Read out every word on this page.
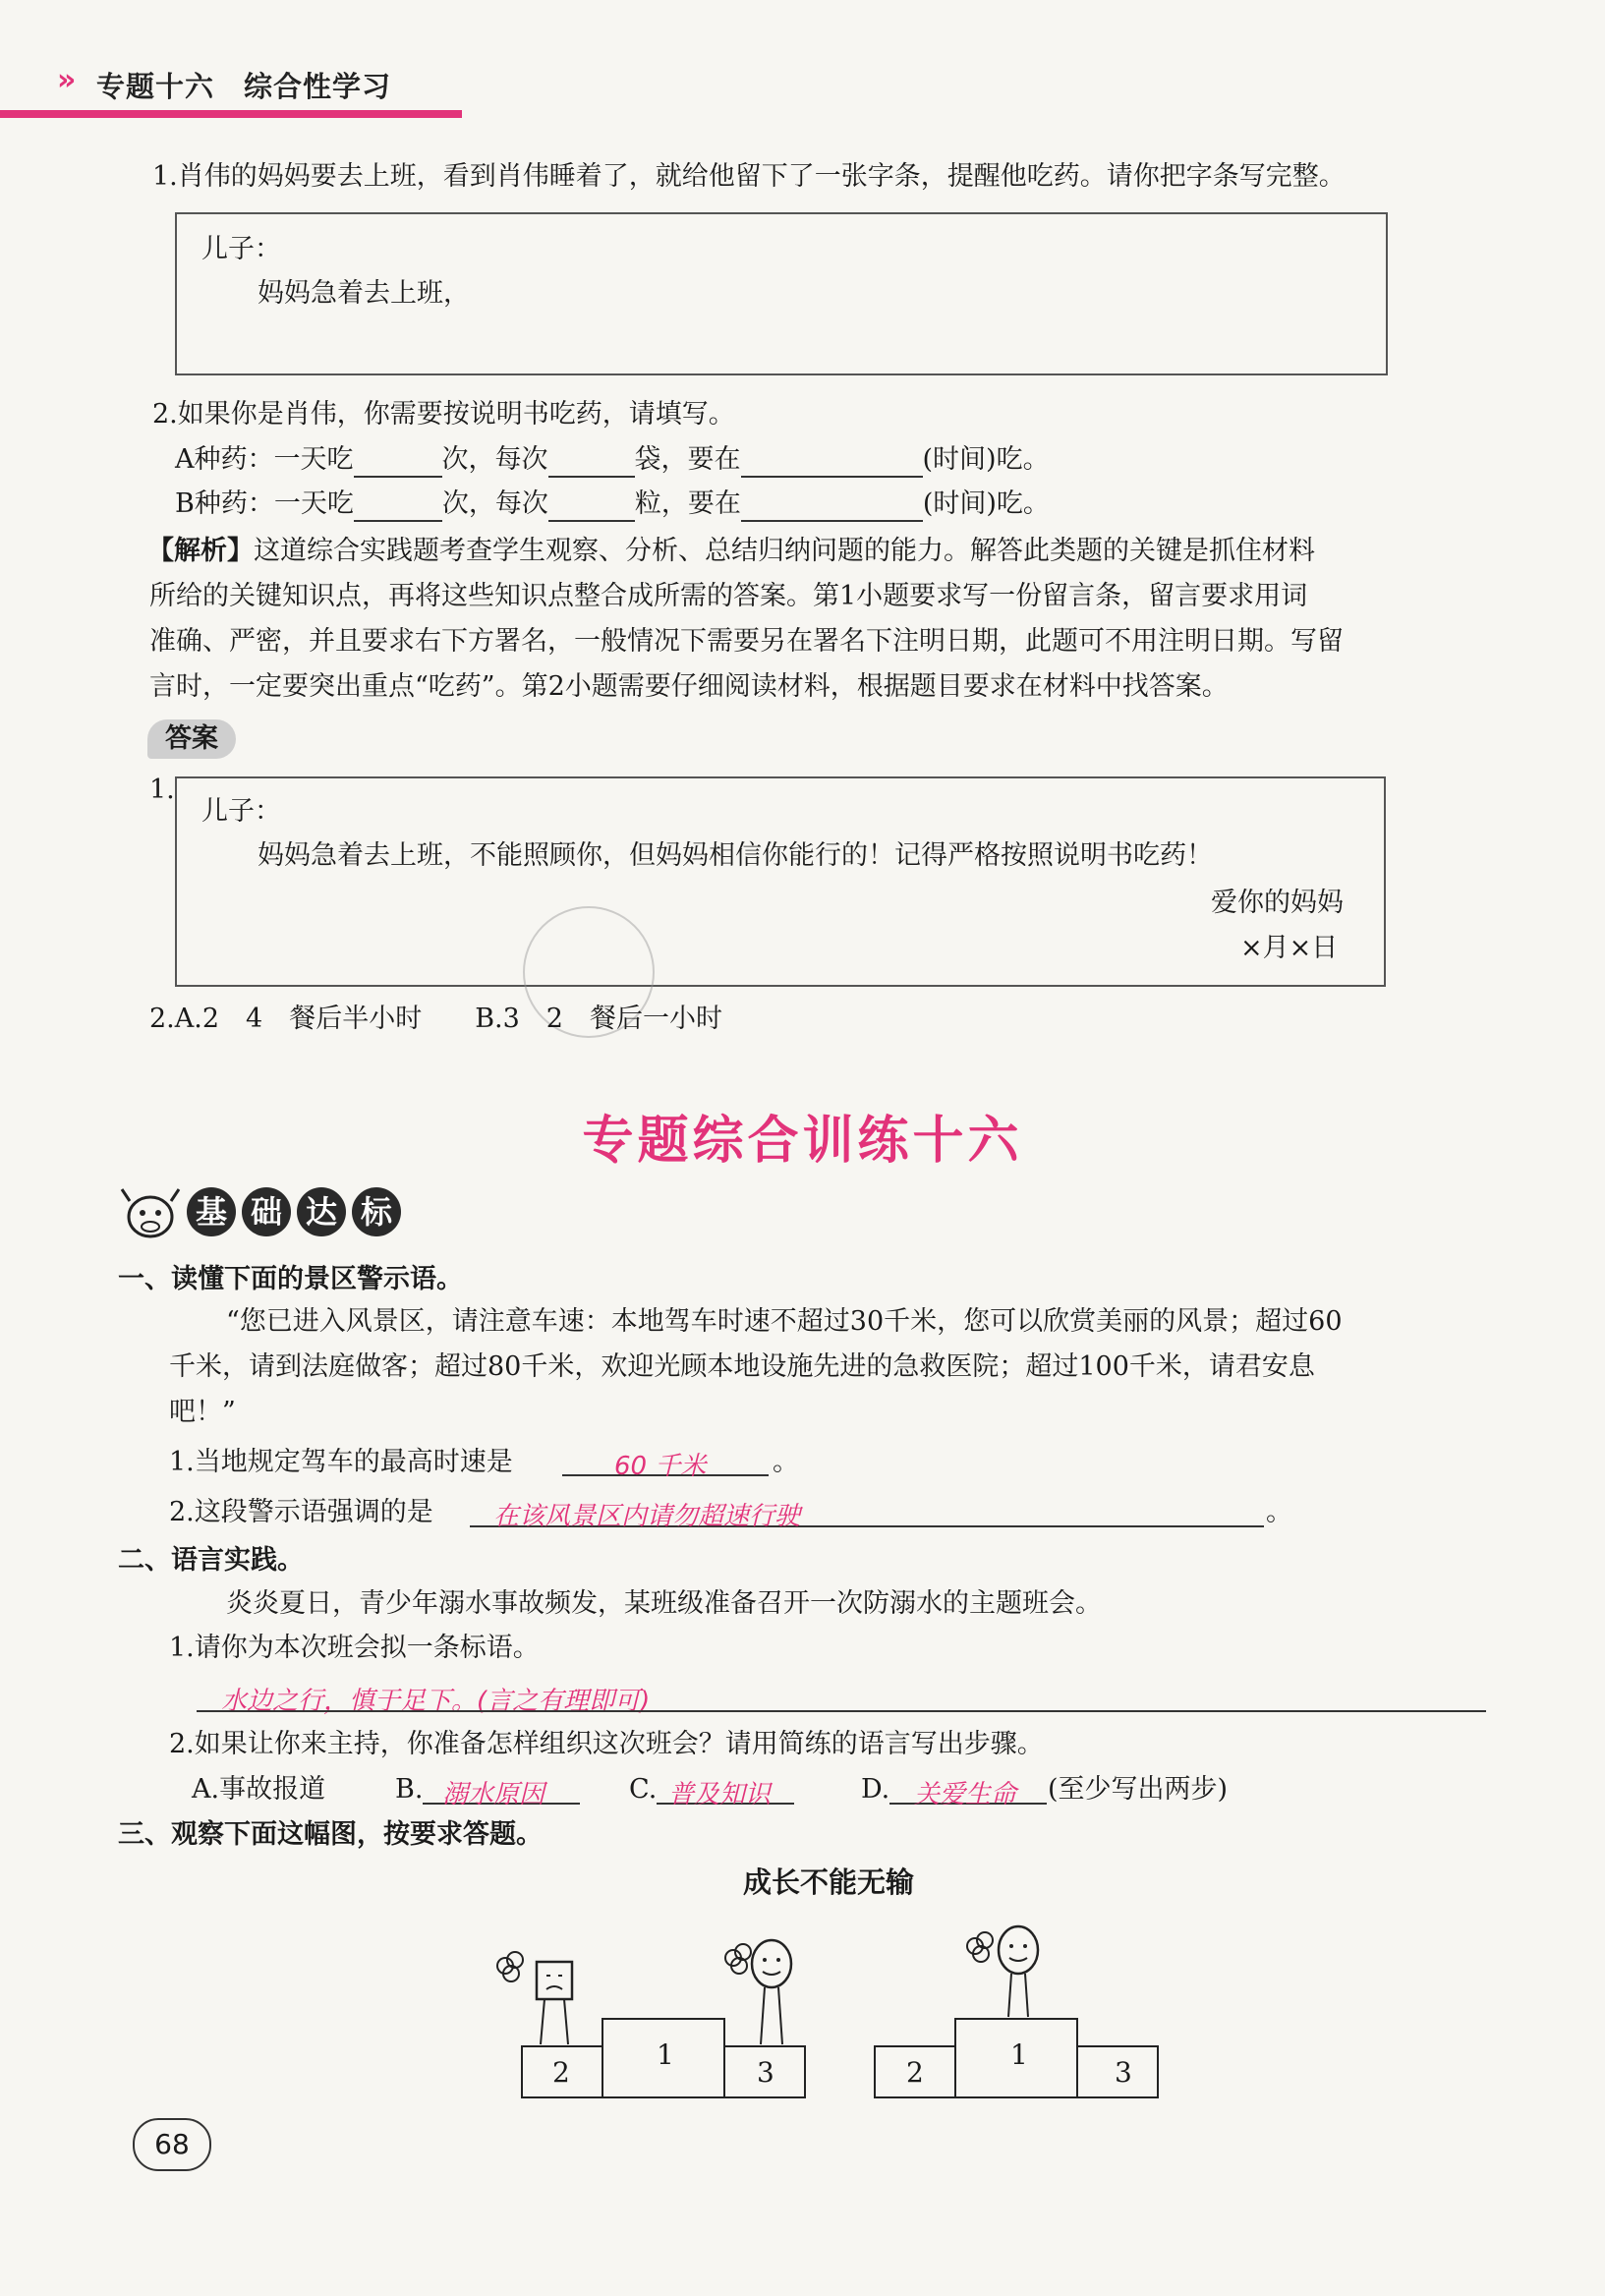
» 专题十六　综合性学习
1.肖伟的妈妈要去上班，看到肖伟睡着了，就给他留下了一张字条，提醒他吃药。请你把字条写完整。
儿子：
妈妈急着去上班，
2.如果你是肖伟，你需要按说明书吃药，请填写。
A种药：一天吃	次，每次	袋，要在	(时间)吃。
B种药：一天吃	次，每次	粒，要在	(时间)吃。
【解析】这道综合实践题考查学生观察、分析、总结归纳问题的能力。解答此类题的关键是抓住材料
所给的关键知识点，再将这些知识点整合成所需的答案。第1小题要求写一份留言条，留言要求用词
准确、严密，并且要求右下方署名，一般情况下需要另在署名下注明日期，此题可不用注明日期。写留
言时，一定要突出重点“吃药”。第2小题需要仔细阅读材料，根据题目要求在材料中找答案。
答案
1.
儿子：
妈妈急着去上班，不能照顾你，但妈妈相信你能行的！记得严格按照说明书吃药！
爱你的妈妈
×月×日
2.A.2　4　餐后半小时　　B.3　2　餐后一小时
专题综合训练十六
基 础 达 标
一、读懂下面的景区警示语。
“您已进入风景区，请注意车速：本地驾车时速不超过30千米，您可以欣赏美丽的风景；超过60
千米，请到法庭做客；超过80千米，欢迎光顾本地设施先进的急救医院；超过100千米，请君安息
吧！”
1.当地规定驾车的最高时速是	60 千米	。
2.这段警示语强调的是 在该风景区内请勿超速行驶	。
二、语言实践。
炎炎夏日，青少年溺水事故频发，某班级准备召开一次防溺水的主题班会。
1.请你为本次班会拟一条标语。
水边之行，慎于足下。(言之有理即可)
2.如果让你来主持，你准备怎样组织这次班会？请用简练的语言写出步骤。
A.事故报道	B. 溺水原因	C. 普及知识	D. 关爱生命 (至少写出两步)
三、观察下面这幅图，按要求答题。
成长不能无输
2
1
3	2
1
3
68
